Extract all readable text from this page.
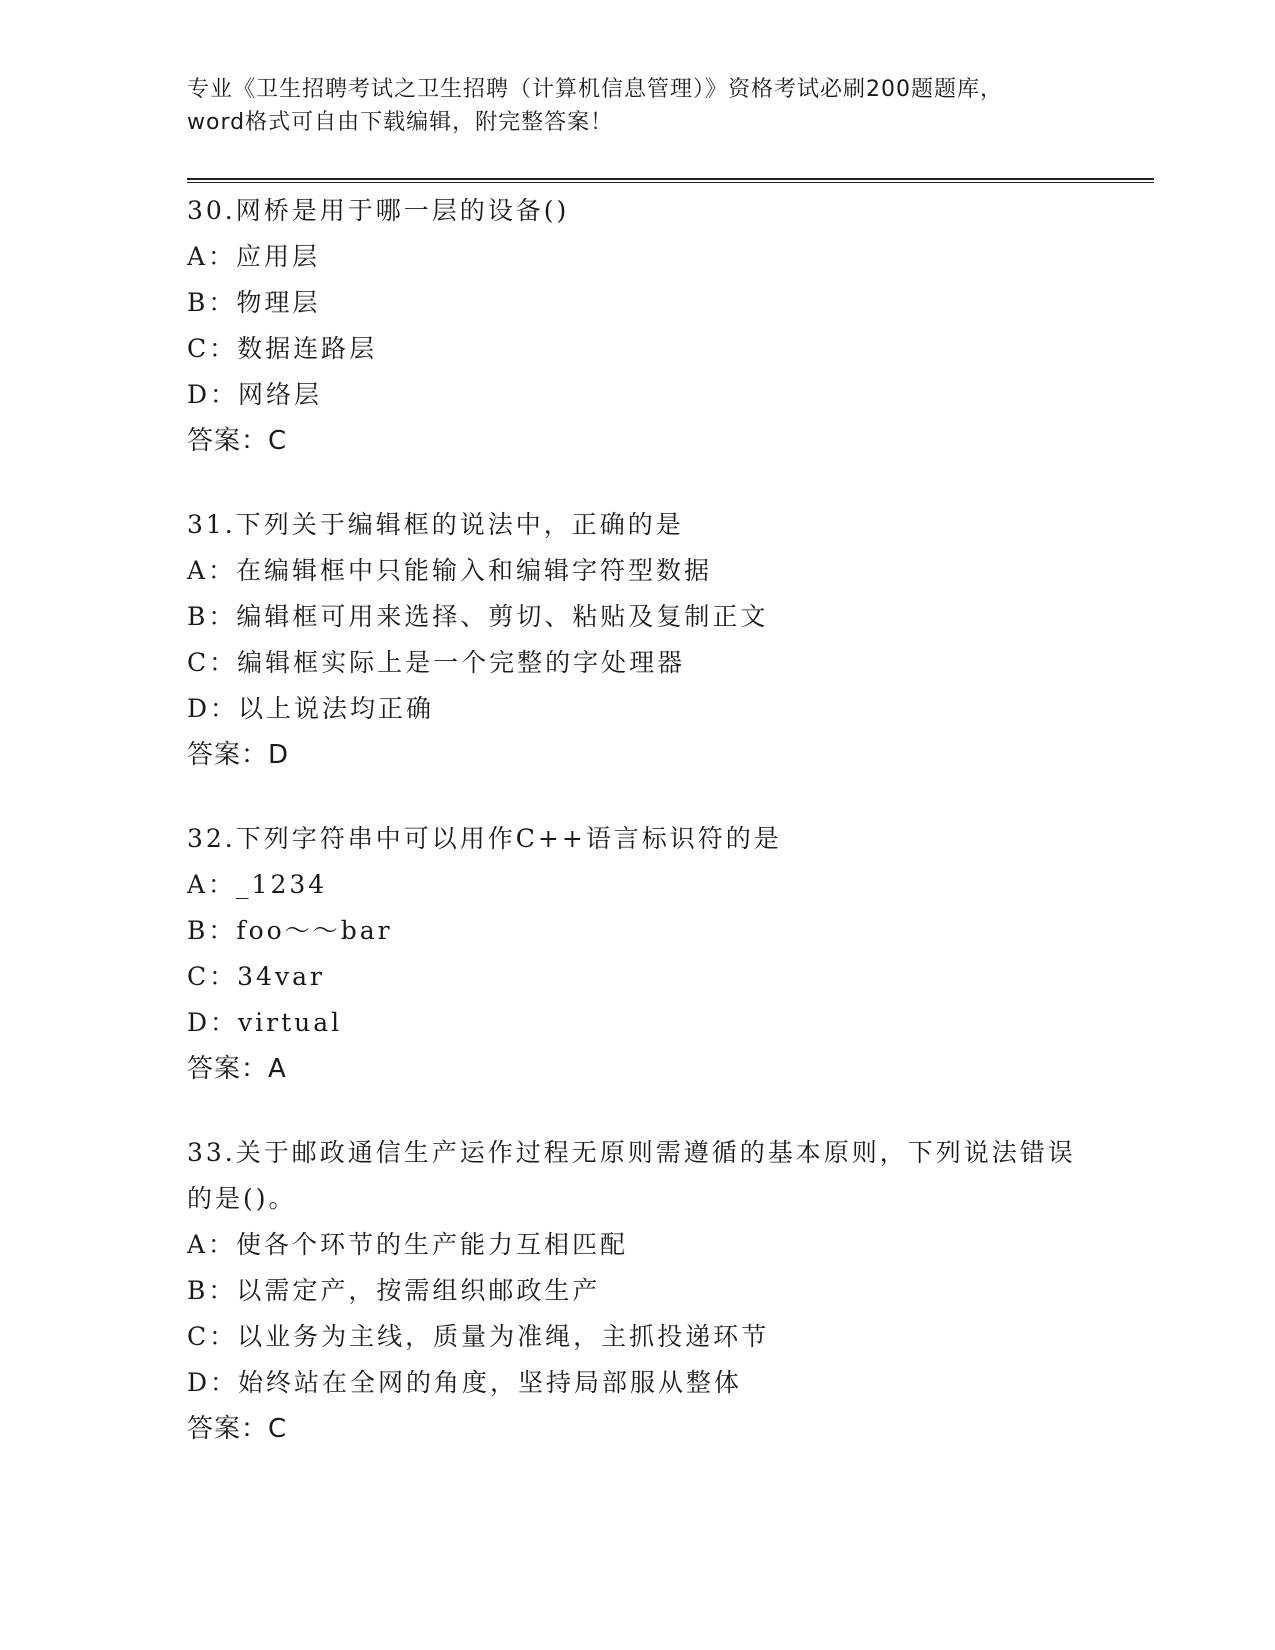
专业《卫生招聘考试之卫生招聘（计算机信息管理）》资格考试必刷200题题库，
word格式可自由下载编辑，附完整答案！

30.网桥是用于哪一层的设备()

A：应用层
B：物理层
C：数据连路层
D：网络层
答案：C

31.下列关于编辑框的说法中，正确的是

A：在编辑框中只能输入和编辑字符型数据
B：编辑框可用来选择、剪切、粘贴及复制正文
C：编辑框实际上是一个完整的字处理器
D：以上说法均正确
答案：D

32.下列字符串中可以用作C++语言标识符的是

A：_1234
B：foo～～bar
C：34var
D：virtual
答案：A

33.关于邮政通信生产运作过程无原则需遵循的基本原则，下列说法错误的是()。

A：使各个环节的生产能力互相匹配
B：以需定产，按需组织邮政生产
C：以业务为主线，质量为准绳，主抓投递环节
D：始终站在全网的角度，坚持局部服从整体
答案：C
